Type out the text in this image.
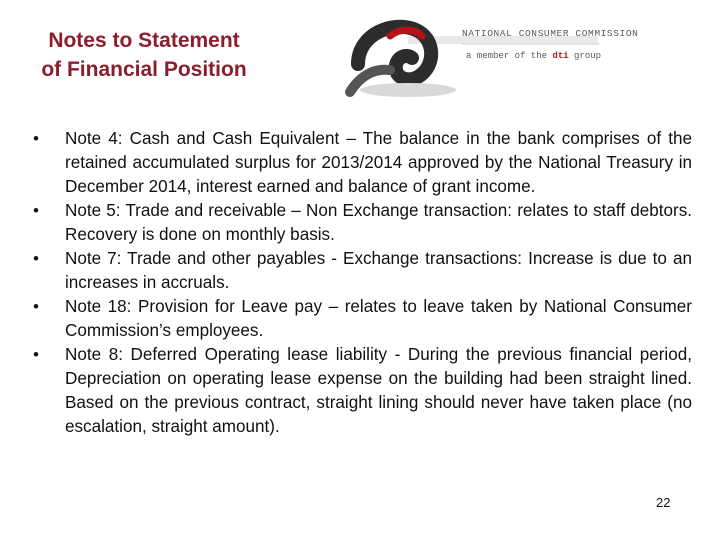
Notes to Statement
of Financial Position
NATIONAL CONSUMER COMMISSION
a member of the dti group
• Note 4: Cash and Cash Equivalent – The balance in the bank comprises of the retained accumulated surplus for 2013/2014 approved by the National Treasury in December 2014, interest earned and balance of grant income.
• Note 5: Trade and receivable – Non Exchange transaction: relates to staff debtors. Recovery is done on monthly basis.
• Note 7: Trade and other payables - Exchange transactions: Increase is due to an increases in accruals.
• Note 18: Provision for Leave pay – relates to leave taken by National Consumer Commission’s employees.
• Note 8: Deferred Operating lease liability - During the previous financial period, Depreciation on operating lease expense on the building had been straight lined. Based on the previous contract, straight lining should never have taken place (no escalation, straight amount).
22
